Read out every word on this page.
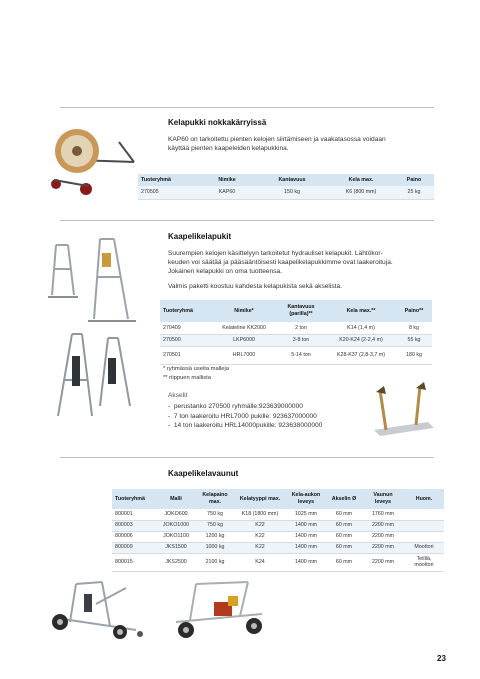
Kelapukki nokkakärryissä
KAP60 on tarkoitettu pienten kelojen siirtämiseen ja vaakatasossa voidaan
käyttää pienten kaapeleiden kelapukkina.
Tuoteryhmä	Nimike	Kantavuus	Kela max.	Paino
270505	KAP60	150 kg	K6 (800 mm)	25 kg
Kaapelikelapukit
Suurempien kelojen käsittelyyn tarkoitetut hydrauliset kelapukit. Lähtökor-
keuden voi säätää ja pääsääntöisesti kaapelikelapukkimme ovat laakeroituja.
Jokainen kelapukki on oma tuotteensa.
Valmis paketti koostuu kahdesta kelapukista sekä akselista.
Tuoteryhmä	Nimike*	Kantavuus (parilla)**	Kela max.**	Paino**
270409	Kelateline KK2000	2 ton	K14 (1,4 m)	8 kg
270500	LKP6000	3-8 ton	K20-K24 (2-2,4 m)	55 kg
270501	HRL7000	5-14 ton	K28-K37 (2,8-3,7 m)	180 kg
* ryhmässä useita malleja
** riippuen mallista
Akselit
-  perustanko 270500 ryhmälle:923639000000
-  7 ton laakeroitu HRL7000 pukille: 923637000000
-  14 ton laakeroitu HRL14000pukille: 923638000000
Kaapelikelavaunut
Tuoteryhmä	Malli	Kelapaino max.	Kelatyyppi max.	Kela-aukon leveys	Akselin Ø	Vaunun leveys	Huom.
800001	JOKO600	750 kg	K18 (1800 mm)	1025 mm	60 mm	1760 mm	
800003	JOKO1000	750 kg	K22	1400 mm	60 mm	2200 mm	
800006	JOKO1100	1200 kg	K22	1400 mm	60 mm	2200 mm	
800009	JKS1500	1000 kg	K22	1400 mm	60 mm	2200 mm	Moottori
800015	JKS2500	2100 kg	K24	1400 mm	60 mm	2200 mm	Telillä, moottori
23
